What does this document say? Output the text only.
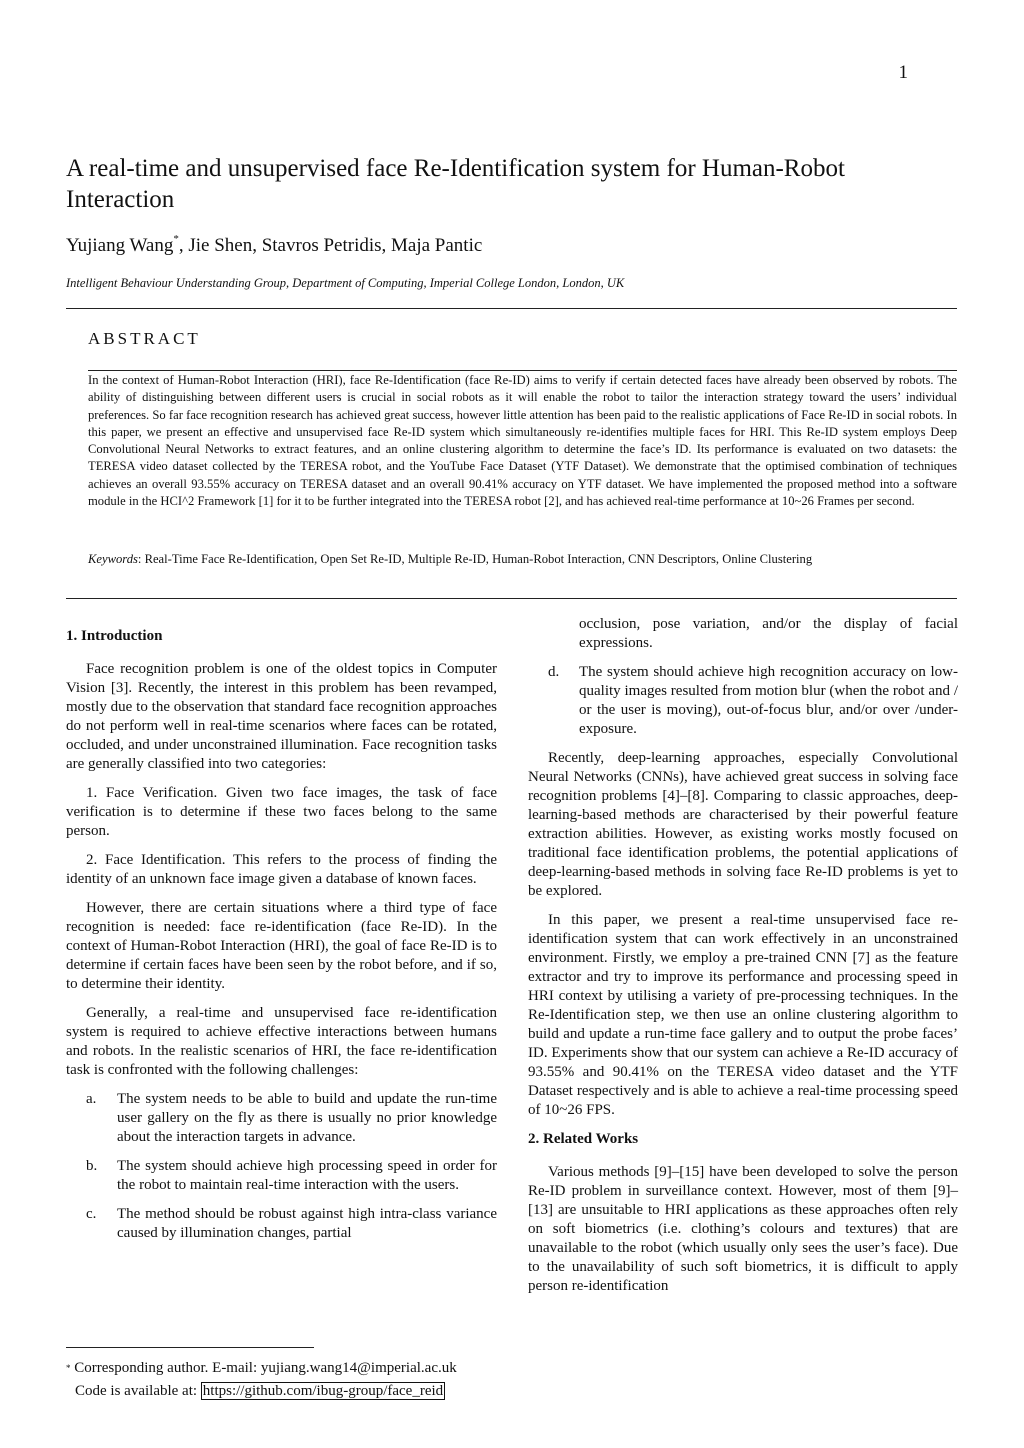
1
A real-time and unsupervised face Re-Identification system for Human-Robot Interaction
Yujiang Wang*, Jie Shen, Stavros Petridis, Maja Pantic
Intelligent Behaviour Understanding Group, Department of Computing, Imperial College London, London, UK
ABSTRACT
In the context of Human-Robot Interaction (HRI), face Re-Identification (face Re-ID) aims to verify if certain detected faces have already been observed by robots. The ability of distinguishing between different users is crucial in social robots as it will enable the robot to tailor the interaction strategy toward the users’ individual preferences. So far face recognition research has achieved great success, however little attention has been paid to the realistic applications of Face Re-ID in social robots. In this paper, we present an effective and unsupervised face Re-ID system which simultaneously re-identifies multiple faces for HRI. This Re-ID system employs Deep Convolutional Neural Networks to extract features, and an online clustering algorithm to determine the face’s ID. Its performance is evaluated on two datasets: the TERESA video dataset collected by the TERESA robot, and the YouTube Face Dataset (YTF Dataset). We demonstrate that the optimised combination of techniques achieves an overall 93.55% accuracy on TERESA dataset and an overall 90.41% accuracy on YTF dataset. We have implemented the proposed method into a software module in the HCI^2 Framework [1] for it to be further integrated into the TERESA robot [2], and has achieved real-time performance at 10~26 Frames per second.
Keywords: Real-Time Face Re-Identification, Open Set Re-ID, Multiple Re-ID, Human-Robot Interaction, CNN Descriptors, Online Clustering
1. Introduction

Face recognition problem is one of the oldest topics in Computer Vision [3]. Recently, the interest in this problem has been revamped, mostly due to the observation that standard face recognition approaches do not perform well in real-time scenarios where faces can be rotated, occluded, and under unconstrained illumination. Face recognition tasks are generally classified into two categories:

1. Face Verification. Given two face images, the task of face verification is to determine if these two faces belong to the same person.

2. Face Identification. This refers to the process of finding the identity of an unknown face image given a database of known faces.

However, there are certain situations where a third type of face recognition is needed: face re-identification (face Re-ID). In the context of Human-Robot Interaction (HRI), the goal of face Re-ID is to determine if certain faces have been seen by the robot before, and if so, to determine their identity.

Generally, a real-time and unsupervised face re-identification system is required to achieve effective interactions between humans and robots. In the realistic scenarios of HRI, the face re-identification task is confronted with the following challenges:

a.	The system needs to be able to build and update the run-time user gallery on the fly as there is usually no prior knowledge about the interaction targets in advance.
b.	The system should achieve high processing speed in order for the robot to maintain real-time interaction with the users.
c.	The method should be robust against high intra-class variance caused by illumination changes, partial
occlusion, pose variation, and/or the display of facial expressions.
d.	The system should achieve high recognition accuracy on low-quality images resulted from motion blur (when the robot and / or the user is moving), out-of-focus blur, and/or over /under-exposure.

Recently, deep-learning approaches, especially Convolutional Neural Networks (CNNs), have achieved great success in solving face recognition problems [4]–[8]. Comparing to classic approaches, deep-learning-based methods are characterised by their powerful feature extraction abilities. However, as existing works mostly focused on traditional face identification problems, the potential applications of deep-learning-based methods in solving face Re-ID problems is yet to be explored.

In this paper, we present a real-time unsupervised face re-identification system that can work effectively in an unconstrained environment. Firstly, we employ a pre-trained CNN [7] as the feature extractor and try to improve its performance and processing speed in HRI context by utilising a variety of pre-processing techniques. In the Re-Identification step, we then use an online clustering algorithm to build and update a run-time face gallery and to output the probe faces’ ID. Experiments show that our system can achieve a Re-ID accuracy of 93.55% and 90.41% on the TERESA video dataset and the YTF Dataset respectively and is able to achieve a real-time processing speed of 10~26 FPS.

2. Related Works

Various methods [9]–[15] have been developed to solve the person Re-ID problem in surveillance context. However, most of them [9]–[13] are unsuitable to HRI applications as these approaches often rely on soft biometrics (i.e. clothing’s colours and textures) that are unavailable to the robot (which usually only sees the user’s face). Due to the unavailability of such soft biometrics, it is difficult to apply person re-identification

* Corresponding author. E-mail: yujiang.wang14@imperial.ac.uk
Code is available at: https://github.com/ibug-group/face_reid
